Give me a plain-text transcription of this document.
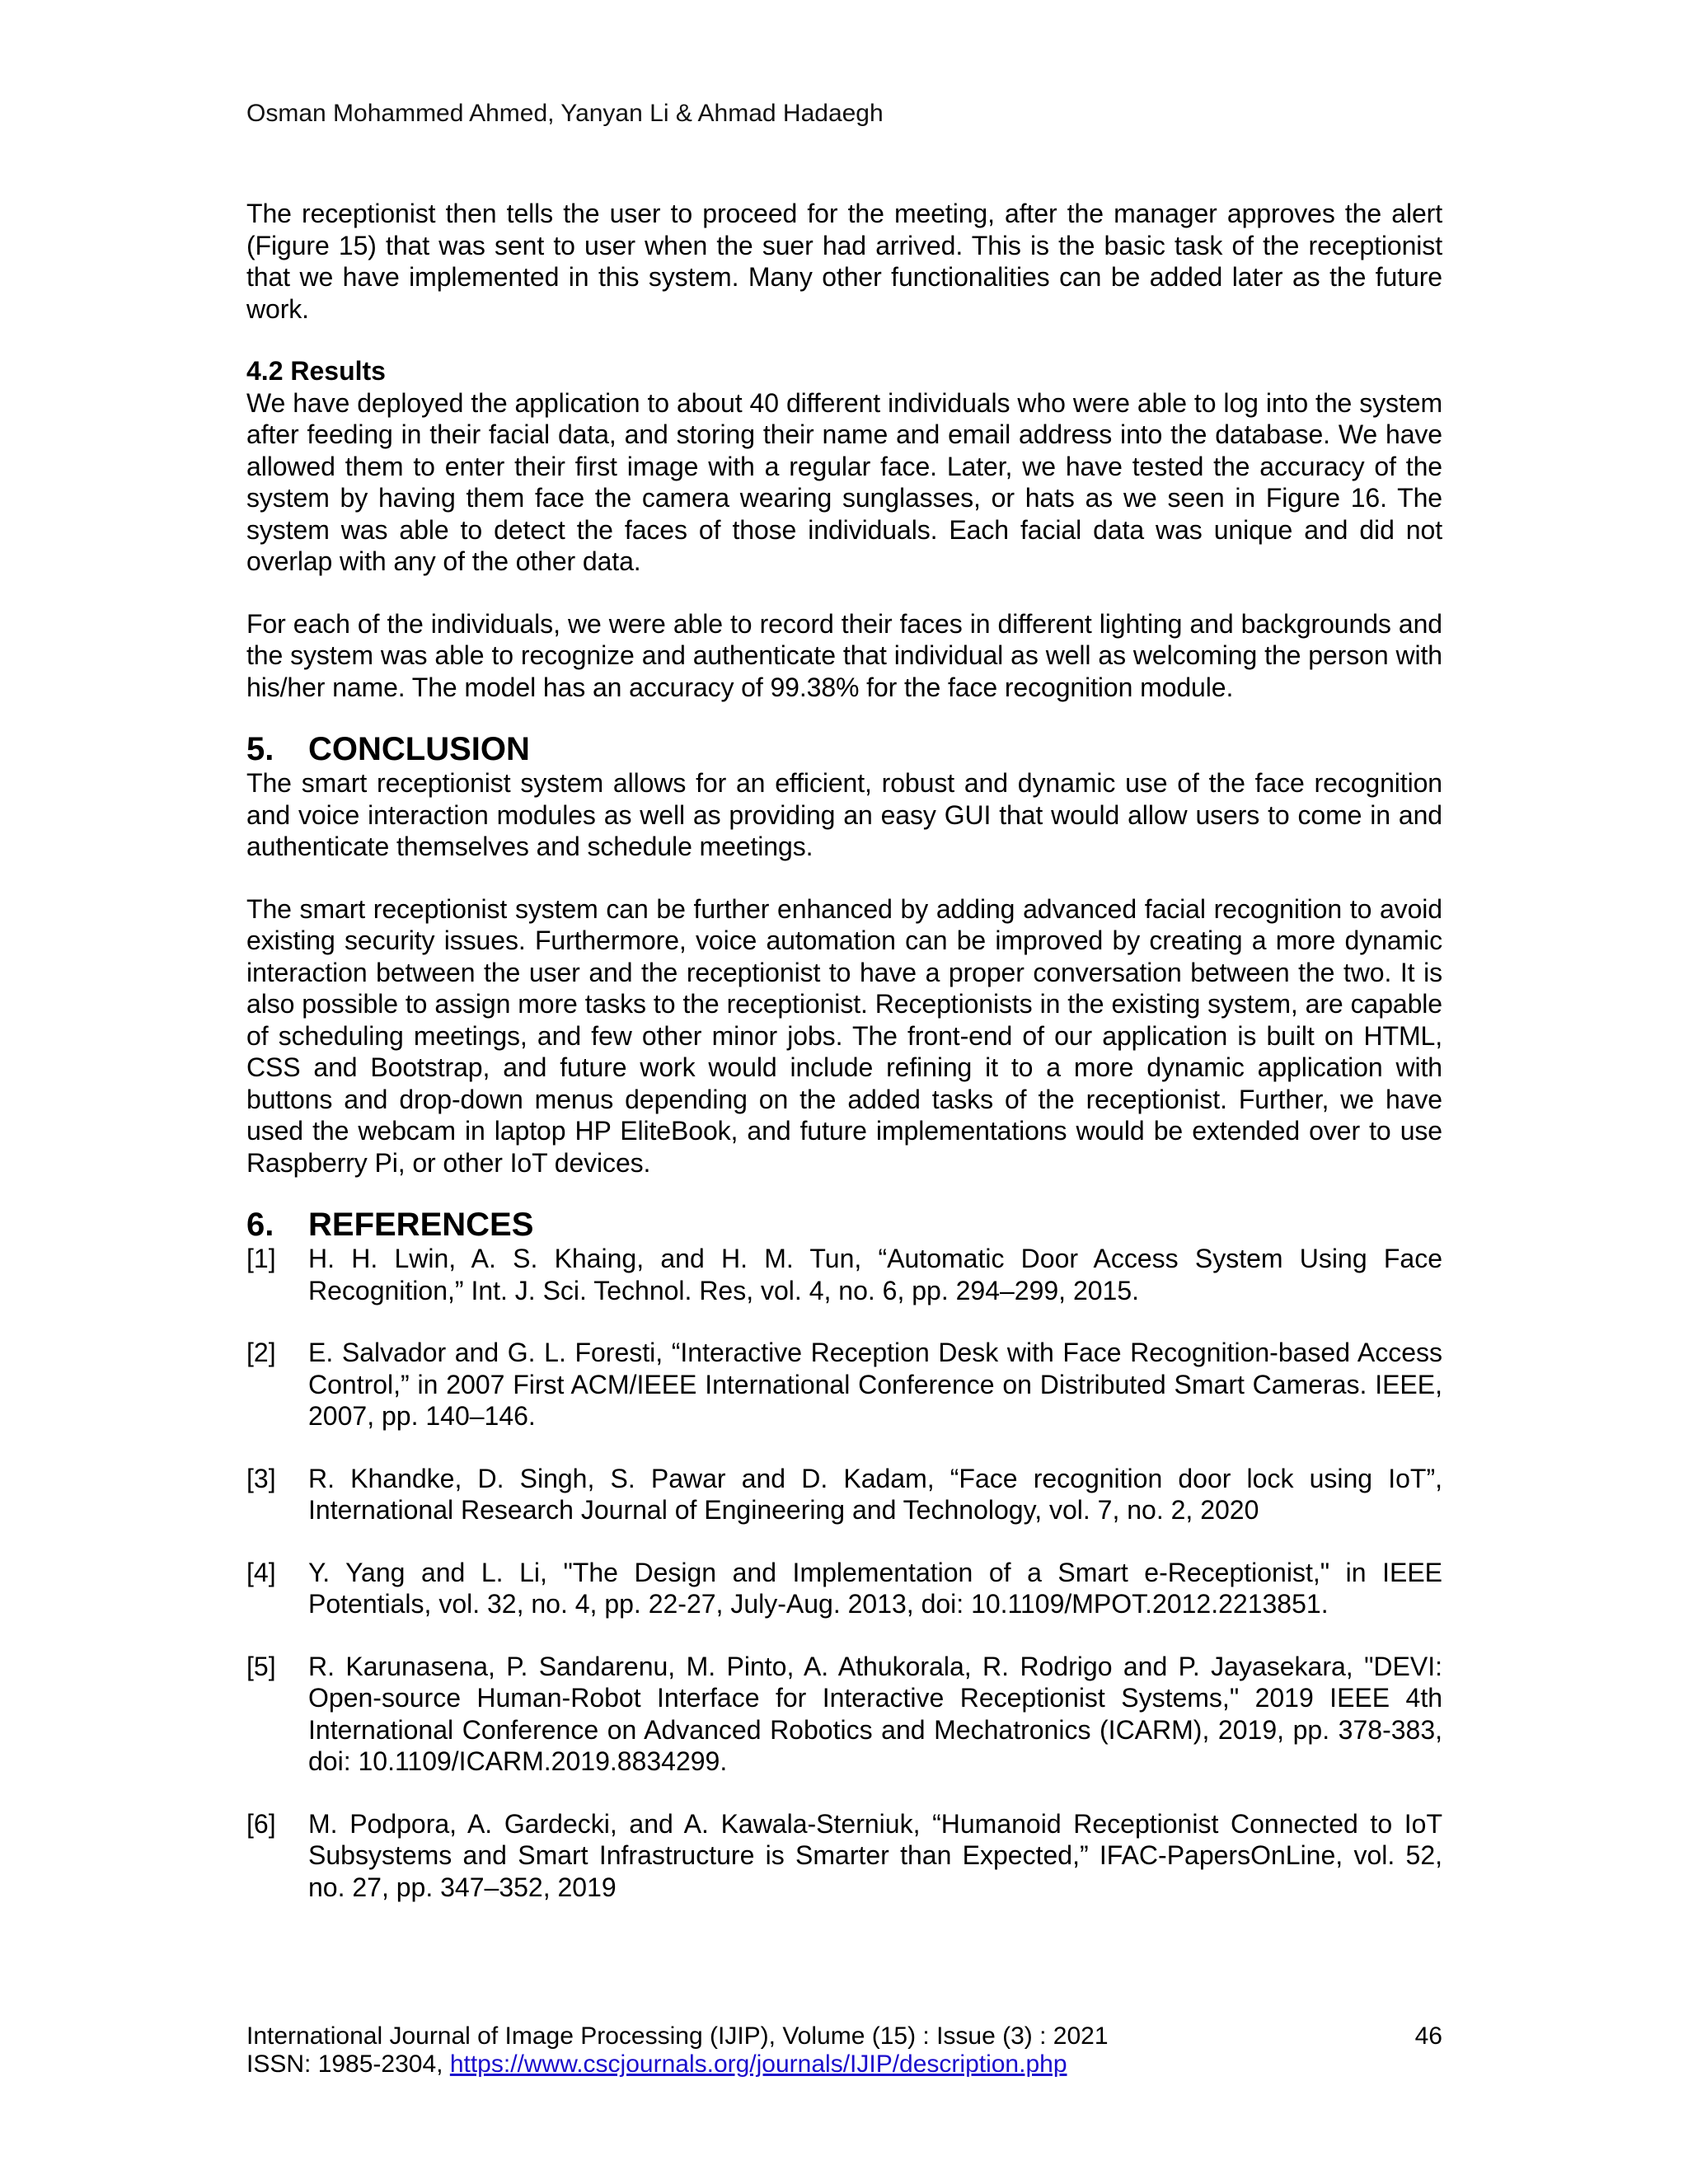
Osman Mohammed Ahmed, Yanyan Li & Ahmad Hadaegh

The receptionist then tells the user to proceed for the meeting, after the manager approves the alert (Figure 15) that was sent to user when the suer had arrived. This is the basic task of the receptionist that we have implemented in this system. Many other functionalities can be added later as the future work.

4.2 Results

We have deployed the application to about 40 different individuals who were able to log into the system after feeding in their facial data, and storing their name and email address into the database. We have allowed them to enter their first image with a regular face. Later, we have tested the accuracy of the system by having them face the camera wearing sunglasses, or hats as we seen in Figure 16. The system was able to detect the faces of those individuals. Each facial data was unique and did not overlap with any of the other data.

For each of the individuals, we were able to record their faces in different lighting and backgrounds and the system was able to recognize and authenticate that individual as well as welcoming the person with his/her name. The model has an accuracy of 99.38% for the face recognition module.

5.	CONCLUSION

The smart receptionist system allows for an efficient, robust and dynamic use of the face recognition and voice interaction modules as well as providing an easy GUI that would allow users to come in and authenticate themselves and schedule meetings.

The smart receptionist system can be further enhanced by adding advanced facial recognition to avoid existing security issues. Furthermore, voice automation can be improved by creating a more dynamic interaction between the user and the receptionist to have a proper conversation between the two. It is also possible to assign more tasks to the receptionist. Receptionists in the existing system, are capable of scheduling meetings, and few other minor jobs. The front-end of our application is built on HTML, CSS and Bootstrap, and future work would include refining it to a more dynamic application with buttons and drop-down menus depending on the added tasks of the receptionist. Further, we have used the webcam in laptop HP EliteBook, and future implementations would be extended over to use Raspberry Pi, or other IoT devices.

6.	REFERENCES
[1]	H. H. Lwin, A. S. Khaing, and H. M. Tun, “Automatic Door Access System Using Face Recognition,” Int. J. Sci. Technol. Res, vol. 4, no. 6, pp. 294–299, 2015.
[2]	E. Salvador and G. L. Foresti, “Interactive Reception Desk with Face Recognition-based Access Control,” in 2007 First ACM/IEEE International Conference on Distributed Smart Cameras. IEEE, 2007, pp. 140–146.
[3]	R. Khandke, D. Singh, S. Pawar and D. Kadam, “Face recognition door lock using IoT”, International Research Journal of Engineering and Technology, vol. 7, no. 2, 2020
[4]	Y. Yang and L. Li, "The Design and Implementation of a Smart e-Receptionist," in IEEE Potentials, vol. 32, no. 4, pp. 22-27, July-Aug. 2013, doi: 10.1109/MPOT.2012.2213851.
[5]	R. Karunasena, P. Sandarenu, M. Pinto, A. Athukorala, R. Rodrigo and P. Jayasekara, "DEVI: Open-source Human-Robot Interface for Interactive Receptionist Systems," 2019 IEEE 4th International Conference on Advanced Robotics and Mechatronics (ICARM), 2019, pp. 378-383, doi: 10.1109/ICARM.2019.8834299.
[6]	M. Podpora, A. Gardecki, and A. Kawala-Sterniuk, “Humanoid Receptionist Connected to IoT Subsystems and Smart Infrastructure is Smarter than Expected,” IFAC-PapersOnLine, vol. 52, no. 27, pp. 347–352, 2019
International Journal of Image Processing (IJIP), Volume (15) : Issue (3) : 2021	46
ISSN: 1985-2304, https://www.cscjournals.org/journals/IJIP/description.php
